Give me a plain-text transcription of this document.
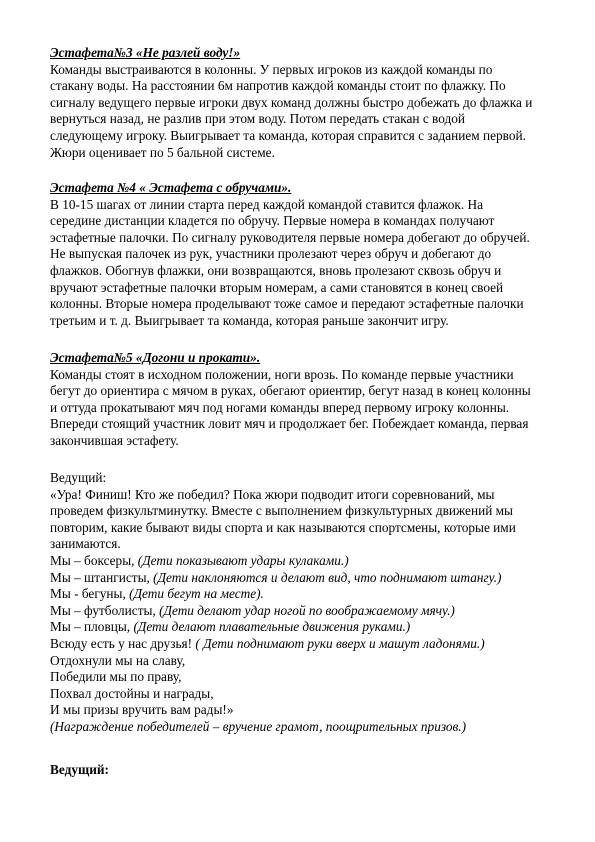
Эстафета№3 «Не разлей воду!»
Команды выстраиваются в колонны. У первых игроков из каждой команды по
стакану воды. На расстоянии 6м напротив каждой команды стоит по флажку. По
сигналу ведущего первые игроки двух команд должны быстро добежать до флажка и
вернуться назад, не разлив при этом воду. Потом передать стакан с водой
следующему игроку. Выигрывает та команда, которая справится с заданием первой.
Жюри оценивает по 5 бальной системе.
Эстафета №4 « Эстафета с обручами».
В 10-15 шагах от линии старта перед каждой командой ставится флажок. На
середине дистанции кладется по обручу. Первые номера в командах получают
эстафетные палочки. По сигналу руководителя первые номера добегают до обручей.
Не выпуская палочек из рук, участники пролезают через обруч и добегают до
флажков. Обогнув флажки, они возвращаются, вновь пролезают сквозь обруч и
вручают эстафетные палочки вторым номерам, а сами становятся в конец своей
колонны. Вторые номера проделывают тоже самое и передают эстафетные палочки
третьим и т. д. Выигрывает та команда, которая раньше закончит игру.
Эстафета№5 «Догони и прокати».
Команды стоят в исходном положении, ноги врозь. По команде первые участники
бегут до ориентира с мячом в руках, обегают ориентир, бегут назад в конец колонны
и оттуда прокатывают мяч под ногами команды вперед первому игроку колонны.
Впереди стоящий участник ловит мяч и продолжает бег. Побеждает команда, первая
закончившая эстафету.
Ведущий:
«Ура! Финиш! Кто же победил? Пока жюри подводит итоги соревнований, мы
проведем физкультминутку. Вместе с выполнением физкультурных движений мы
повторим, какие бывают виды спорта и как называются спортсмены, которые ими
занимаются.
Мы – боксеры, (Дети показывают удары кулаками.)
Мы – штангисты, (Дети наклоняются и делают вид, что поднимают штангу.)
Мы - бегуны, (Дети бегут на месте).
Мы – футболисты, (Дети делают удар ногой по воображаемому мячу.)
Мы – пловцы, (Дети делают плавательные движения руками.)
Всюду есть у нас друзья! ( Дети поднимают руки вверх и машут ладонями.)
Отдохнули мы на славу,
Победили мы по праву,
Похвал достойны и награды,
И мы призы вручить вам рады!»
(Награждение победителей – вручение грамот, поощрительных призов.)
Ведущий:
